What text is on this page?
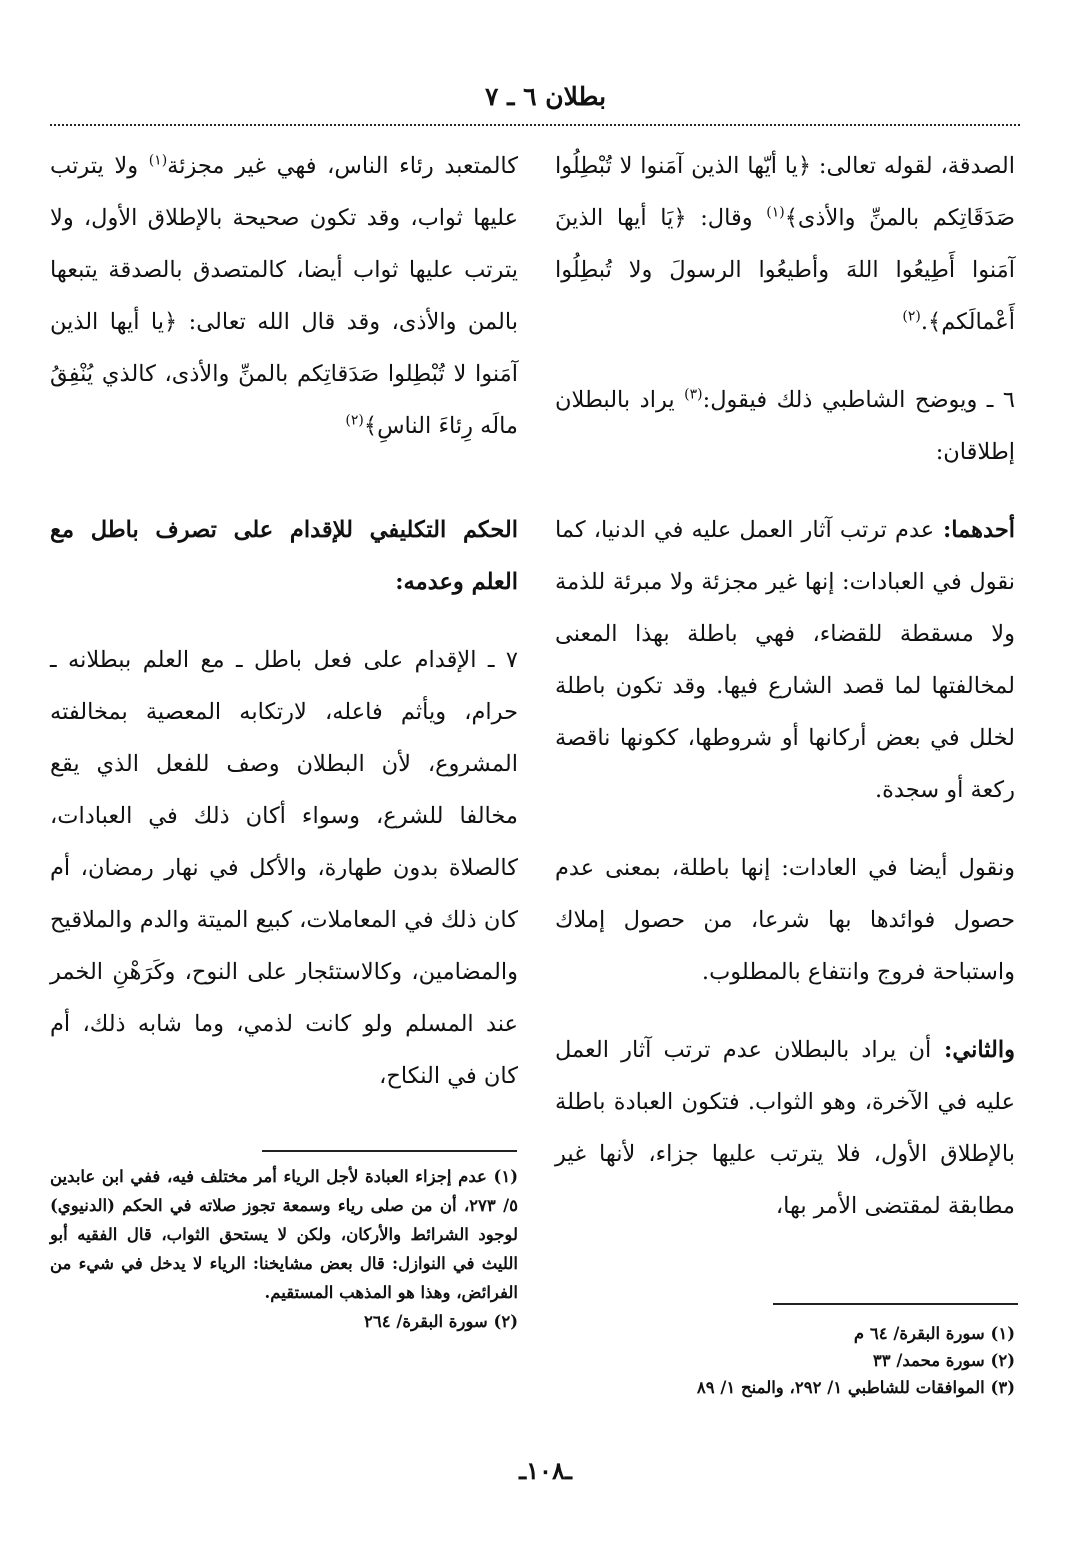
بطلان ٦ ـ ٧

الصدقة، لقوله تعالى: ﴿يا أيّها الذين آمَنوا لا تُبْطِلُوا صَدَقَاتِكم بالمنِّ والأذى﴾$^{(١)}$ وقال: ﴿يَا أيها الذينَ آمَنوا أَطِيعُوا اللهَ وأطيعُوا الرسولَ ولا تُبطِلُوا أَعْمالَكم﴾.$^{(٢)}$

٦ ـ ويوضح الشاطبي ذلك فيقول:$^{(٣)}$ يراد بالبطلان إطلاقان:

أحدهما: عدم ترتب آثار العمل عليه في الدنيا، كما نقول في العبادات: إنها غير مجزئة ولا مبرئة للذمة ولا مسقطة للقضاء، فهي باطلة بهذا المعنى لمخالفتها لما قصد الشارع فيها. وقد تكون باطلة لخلل في بعض أركانها أو شروطها، ككونها ناقصة ركعة أو سجدة.

ونقول أيضا في العادات: إنها باطلة، بمعنى عدم حصول فوائدها بها شرعا، من حصول إملاك واستباحة فروج وانتفاع بالمطلوب.

والثاني: أن يراد بالبطلان عدم ترتب آثار العمل عليه في الآخرة، وهو الثواب. فتكون العبادة باطلة بالإطلاق الأول، فلا يترتب عليها جزاء، لأنها غير مطابقة لمقتضى الأمر بها،

كالمتعبد رئاء الناس، فهي غير مجزئة$^{(١)}$ ولا يترتب عليها ثواب، وقد تكون صحيحة بالإطلاق الأول، ولا يترتب عليها ثواب أيضا، كالمتصدق بالصدقة يتبعها بالمن والأذى، وقد قال الله تعالى: ﴿يا أيها الذين آمَنوا لا تُبْطِلوا صَدَقاتِكم بالمنِّ والأذى، كالذي يُنْفِقُ مالَه رِئاءَ الناسِ﴾$^{(٢)}$

الحكم التكليفي للإقدام على تصرف باطل مع العلم وعدمه:

٧ ـ الإقدام على فعل باطل ـ مع العلم ببطلانه ـ حرام، ويأثم فاعله، لارتكابه المعصية بمخالفته المشروع، لأن البطلان وصف للفعل الذي يقع مخالفا للشرع، وسواء أكان ذلك في العبادات، كالصلاة بدون طهارة، والأكل في نهار رمضان، أم كان ذلك في المعاملات، كبيع الميتة والدم والملاقيح والمضامين، وكالاستئجار على النوح، وكَرَهْنِ الخمر عند المسلم ولو كانت لذمي، وما شابه ذلك، أم كان في النكاح،

(١) عدم إجزاء العبادة لأجل الرياء أمر مختلف فيه، ففي ابن عابدين ٥/ ٢٧٣، أن من صلى رياء وسمعة تجوز صلاته في الحكم (الدنيوي) لوجود الشرائط والأركان، ولكن لا يستحق الثواب، قال الفقيه أبو الليث في النوازل: قال بعض مشايخنا: الرياء لا يدخل في شيء من الفرائض، وهذا هو المذهب المستقيم.

(٢) سورة البقرة/ ٢٦٤

(١) سورة البقرة/ ٦٤ م

(٢) سورة محمد/ ٣٣

(٣) الموافقات للشاطبي ١/ ٢٩٢، والمنح ١/ ٨٩

ـ١٠٨ـ
